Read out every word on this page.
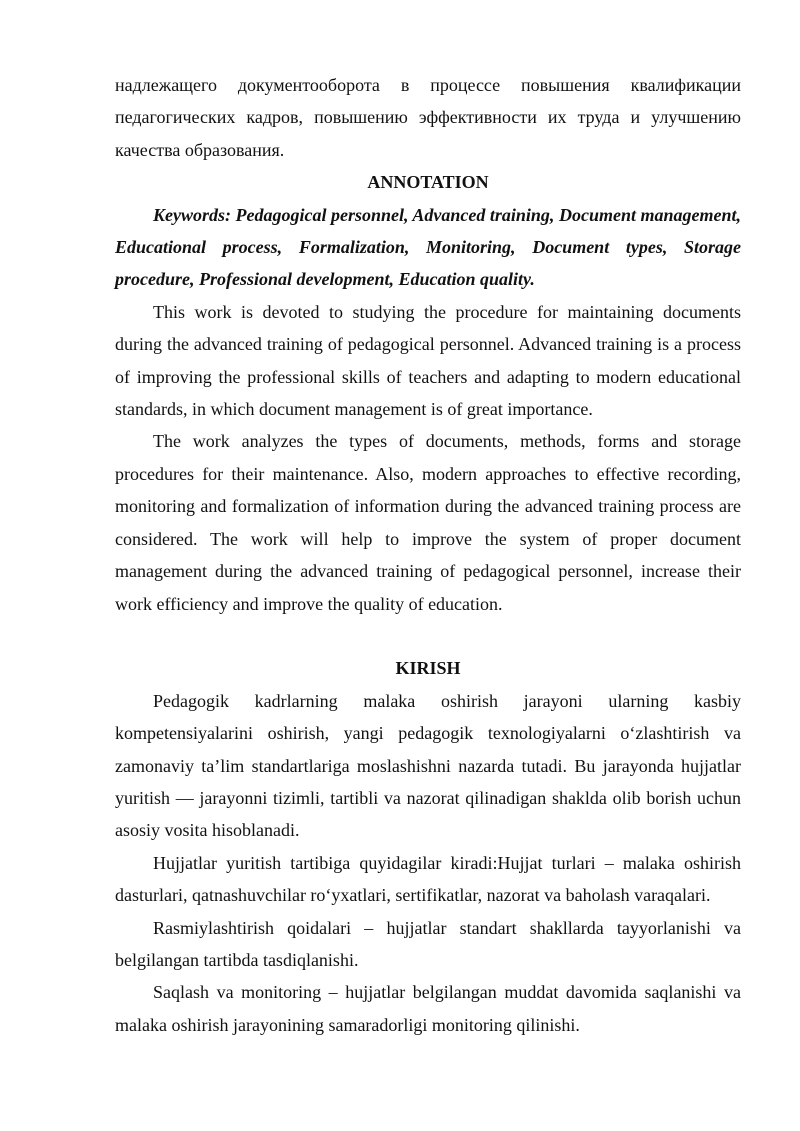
надлежащего документооборота в процессе повышения квалификации педагогических кадров, повышению эффективности их труда и улучшению качества образования.

ANNOTATION

Keywords: Pedagogical personnel, Advanced training, Document management, Educational process, Formalization, Monitoring, Document types, Storage procedure, Professional development, Education quality.

This work is devoted to studying the procedure for maintaining documents during the advanced training of pedagogical personnel. Advanced training is a process of improving the professional skills of teachers and adapting to modern educational standards, in which document management is of great importance.

The work analyzes the types of documents, methods, forms and storage procedures for their maintenance. Also, modern approaches to effective recording, monitoring and formalization of information during the advanced training process are considered. The work will help to improve the system of proper document management during the advanced training of pedagogical personnel, increase their work efficiency and improve the quality of education.

KIRISH

Pedagogik kadrlarning malaka oshirish jarayoni ularning kasbiy kompetensiyalarini oshirish, yangi pedagogik texnologiyalarni o‘zlashtirish va zamonaviy ta’lim standartlariga moslashishni nazarda tutadi. Bu jarayonda hujjatlar yuritish — jarayonni tizimli, tartibli va nazorat qilinadigan shaklda olib borish uchun asosiy vosita hisoblanadi.

Hujjatlar yuritish tartibiga quyidagilar kiradi:Hujjat turlari – malaka oshirish dasturlari, qatnashuvchilar ro‘yxatlari, sertifikatlar, nazorat va baholash varaqalari.

Rasmiylashtirish qoidalari – hujjatlar standart shakllarda tayyorlanishi va belgilangan tartibda tasdiqlanishi.

Saqlash va monitoring – hujjatlar belgilangan muddat davomida saqlanishi va malaka oshirish jarayonining samaradorligi monitoring qilinishi.
